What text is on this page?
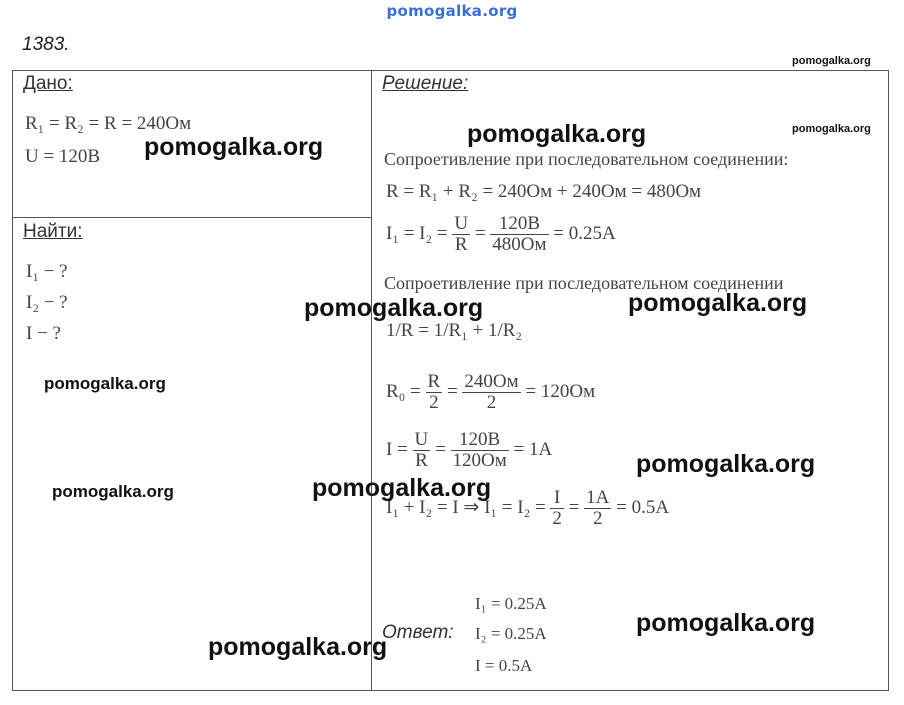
pomogalka.org
1383.
pomogalka.org
Дано:
R₁ = R₂ = R = 240Ом
U = 120В
Найти:
I₁ − ?
I₂ − ?
I − ?
Решение:
pomogalka.org
Сопроетивление при последовательном соединении:
R = R₁ + R₂ = 240Ом + 240Ом = 480Ом
$I_1 = I_2 = \frac{U}{R} = \frac{120В}{480Ом} = 0.25А$
Сопроетивление при последовательном соединении
1/R = 1/R₁ + 1/R₂
$R_0 = \frac{R}{2} = \frac{240Ом}{2} = 120Ом$
$I = \frac{U}{R} = \frac{120В}{120Ом} = 1А$
I₁ + I₂ = I ⇒ $I_1 = I_2 = \frac{I}{2} = \frac{1А}{2} = 0.5А$
Ответ:
I₁ = 0.25А
I₂ = 0.25А
I = 0.5А
pomogalka.org
pomogalka.org
pomogalka.org
pomogalka.org
pomogalka.org
pomogalka.org
pomogalka.org
pomogalka.org
pomogalka.org
pomogalka.org
